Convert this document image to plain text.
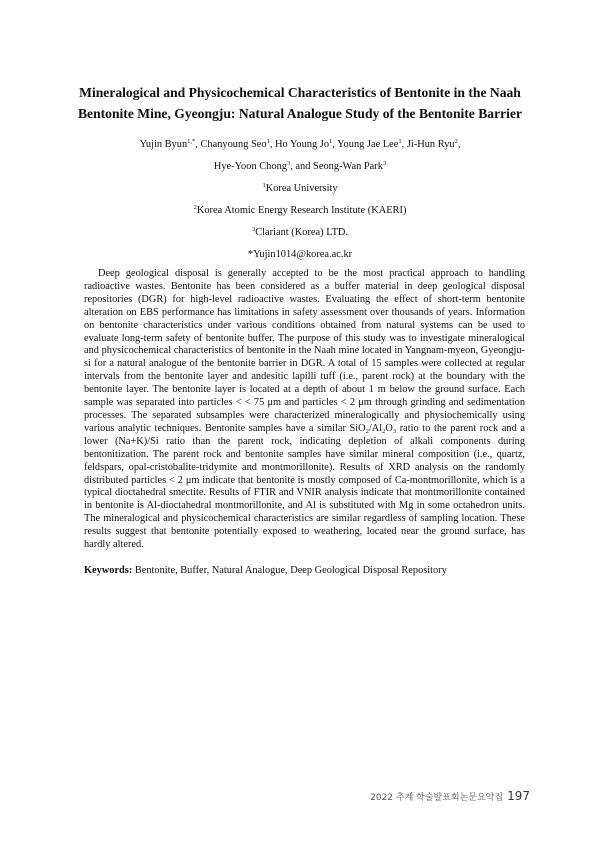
Mineralogical and Physicochemical Characteristics of Bentonite in the Naah
Bentonite Mine, Gyeongju: Natural Analogue Study of the Bentonite Barrier
Yujin Byun$^{1,*}$, Chanyoung Seo$^1$, Ho Young Jo$^1$, Young Jae Lee$^1$, Ji-Hun Ryu$^2$,
Hye-Yoon Chong$^3$, and Seong-Wan Park$^3$
$^1$Korea University
$^2$Korea Atomic Energy Research Institute (KAERI)
$^3$Clariant (Korea) LTD.
*Yujin1014@korea.ac.kr

Deep geological disposal is generally accepted to be the most practical approach to handling radioactive wastes. Bentonite has been considered as a buffer material in deep geological disposal repositories (DGR) for high-level radioactive wastes. Evaluating the effect of short-term bentonite alteration on EBS performance has limitations in safety assessment over thousands of years. Information on bentonite characteristics under various conditions obtained from natural systems can be used to evaluate long-term safety of bentonite buffer. The purpose of this study was to investigate mineralogical and physicochemical characteristics of bentonite in the Naah mine located in Yangnam-myeon, Gyeongju-si for a natural analogue of the bentonite barrier in DGR. A total of 15 samples were collected at regular intervals from the bentonite layer and andesitic lapilli tuff (i.e., parent rock) at the boundary with the bentonite layer. The bentonite layer is located at a depth of about 1 m below the ground surface. Each sample was separated into particles < < 75 μm and particles < 2 μm through grinding and sedimentation processes. The separated subsamples were characterized mineralogically and physiochemically using various analytic techniques. Bentonite samples have a similar $SiO_2/Al_2O_3$ ratio to the parent rock and a lower (Na+K)/Si ratio than the parent rock, indicating depletion of alkali components during bentonitization. The parent rock and bentonite samples have similar mineral composition (i.e., quartz, feldspars, opal-cristobalite-tridymite and montmorillonite). Results of XRD analysis on the randomly distributed particles < 2 μm indicate that bentonite is mostly composed of Ca-montmorillonite, which is a typical dioctahedral smectite. Results of FTIR and VNIR analysis indicate that montmorillonite contained in bentonite is Al-dioctahedral montmorillonite, and Al is substituted with Mg in some octahedron units. The mineralogical and physicochemical characteristics are similar regardless of sampling location. These results suggest that bentonite potentially exposed to weathering, located near the ground surface, has hardly altered.

Keywords: Bentonite, Buffer, Natural Analogue, Deep Geological Disposal Repository
2022 추계 학술발표회논문요약집 197
